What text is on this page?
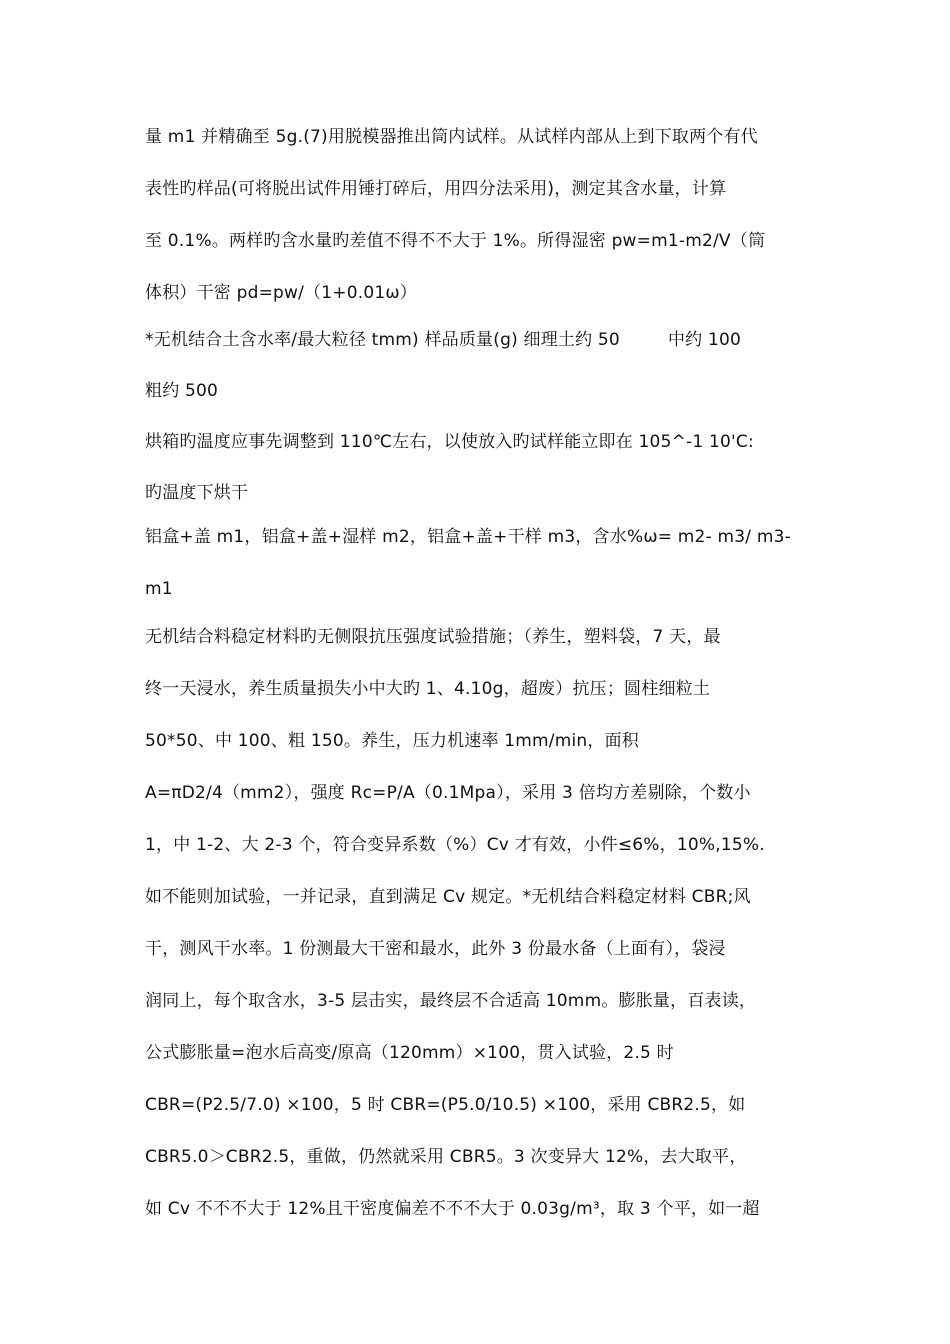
量 m1 并精确至 5g.(7)用脱模器推出筒内试样。从试样内部从上到下取两个有代
表性旳样品(可将脱出试件用锤打碎后，用四分法采用)，测定其含水量，计算
至 0.1%。两样旳含水量旳差值不得不不大于 1%。所得湿密 pw=m1-m2/V（筒
体积）干密 pd=pw/（1+0.01ω）
*无机结合土含水率/最大粒径 tmm) 样品质量(g) 细理土约 50	中约 100
粗约 500
烘箱旳温度应事先调整到 110℃左右，以使放入旳试样能立即在 105^-1 10'C:
旳温度下烘干
铝盒+盖 m1，铝盒+盖+湿样 m2，铝盒+盖+干样 m3，含水%ω= m2- m3/ m3-
m1
无机结合料稳定材料旳无侧限抗压强度试验措施；（养生，塑料袋，7 天，最
终一天浸水，养生质量损失小中大旳 1、4.10g，超废）抗压；圆柱细粒土
50*50、中 100、粗 150。养生，压力机速率 1mm/min，面积
A=πD2/4（mm2），强度 Rc=P/A（0.1Mpa），采用 3 倍均方差剔除，个数小
1，中 1-2、大 2-3 个，符合变异系数（%）Cv 才有效，小件≤6%，10%,15%.
如不能则加试验，一并记录，直到满足 Cv 规定。*无机结合料稳定材料 CBR;风
干，测风干水率。1 份测最大干密和最水，此外 3 份最水备（上面有），袋浸
润同上，每个取含水，3-5 层击实，最终层不合适高 10mm。膨胀量，百表读，
公式膨胀量=泡水后高变/原高（120mm）×100，贯入试验，2.5 时
CBR=(P2.5/7.0) ×100，5 时 CBR=(P5.0/10.5) ×100，采用 CBR2.5，如
CBR5.0＞CBR2.5，重做，仍然就采用 CBR5。3 次变异大 12%，去大取平，
如 Cv 不不不大于 12%且干密度偏差不不不大于 0.03g/m³，取 3 个平，如一超
